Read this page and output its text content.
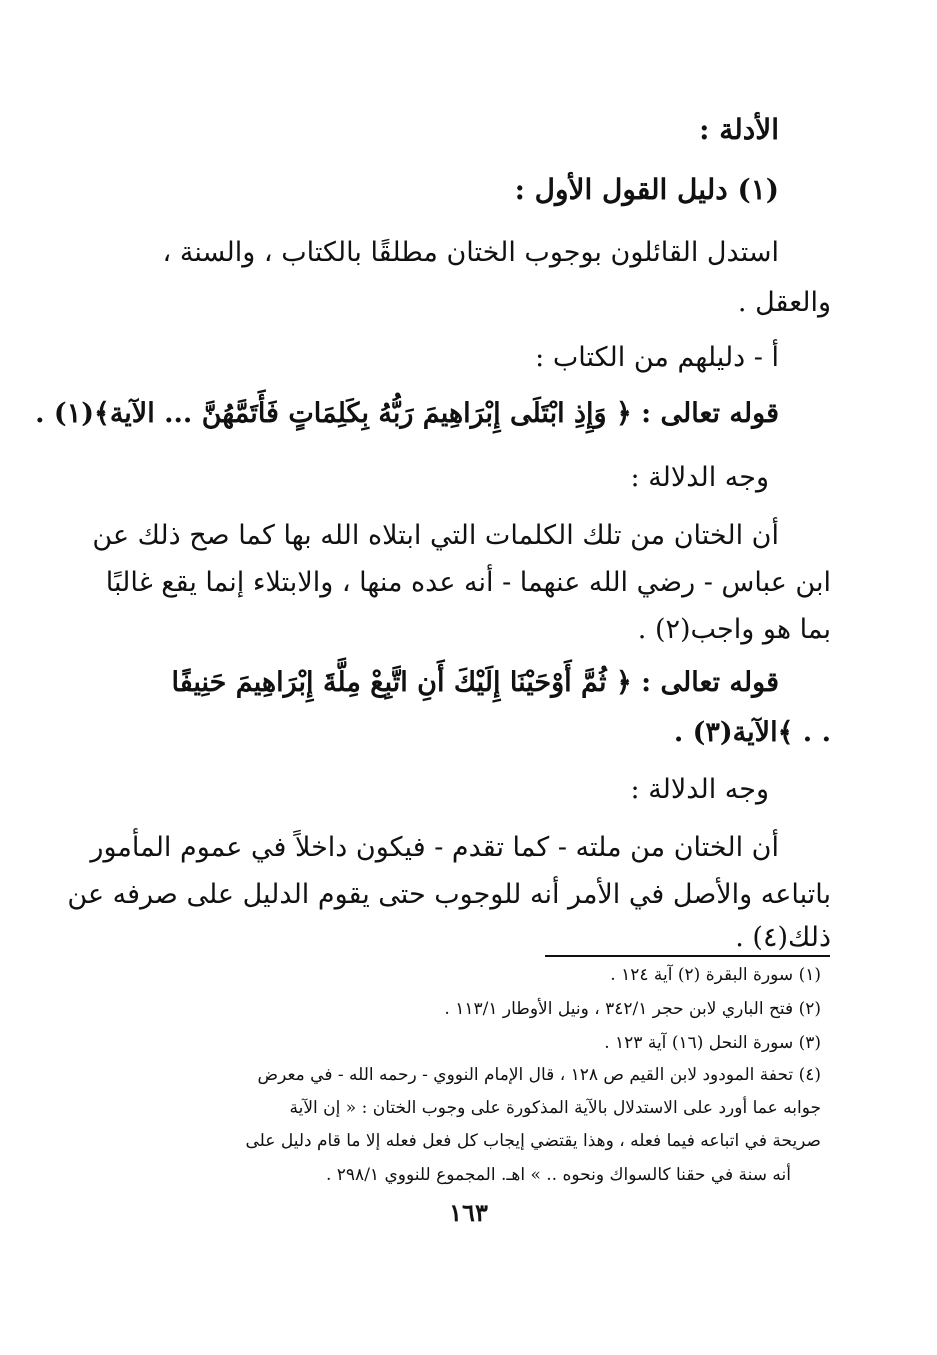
الأدلة :
(١) دليل القول الأول :
استدل القائلون بوجوب الختان مطلقًا بالكتاب ، والسنة ،
والعقل .
أ - دليلهم من الكتاب :
قوله تعالى : ﴿ وَإِذِ ابْتَلَى إِبْرَاهِيمَ رَبُّهُ بِكَلِمَاتٍ فَأَتَمَّهُنَّ ... الآية﴾(١) .
وجه الدلالة :
أن الختان من تلك الكلمات التي ابتلاه الله بها كما صح ذلك عن
ابن عباس - رضي الله عنهما - أنه عده منها ، والابتلاء إنما يقع غالبًا
بما هو واجب(٢) .
قوله تعالى : ﴿ ثُمَّ أَوْحَيْنَا إِلَيْكَ أَنِ اتَّبِعْ مِلَّةَ إِبْرَاهِيمَ حَنِيفًا
. . ﴾الآية(٣) .
وجه الدلالة :
أن الختان من ملته - كما تقدم - فيكون داخلاً في عموم المأمور
باتباعه والأصل في الأمر أنه للوجوب حتى يقوم الدليل على صرفه عن
ذلك(٤) .
(١) سورة البقرة (٢) آية ١٢٤ .
(٢) فتح الباري لابن حجر ٣٤٢/١ ، ونيل الأوطار ١١٣/١ .
(٣) سورة النحل (١٦) آية ١٢٣ .
(٤) تحفة المودود لابن القيم ص ١٢٨ ، قال الإمام النووي - رحمه الله - في معرض
جوابه عما أورد على الاستدلال بالآية المذكورة على وجوب الختان : « إن الآية
صريحة في اتباعه فيما فعله ، وهذا يقتضي إيجاب كل فعل فعله إلا ما قام دليل على
أنه سنة في حقنا كالسواك ونحوه .. » اهـ. المجموع للنووي ٢٩٨/١ .
١٦٣
